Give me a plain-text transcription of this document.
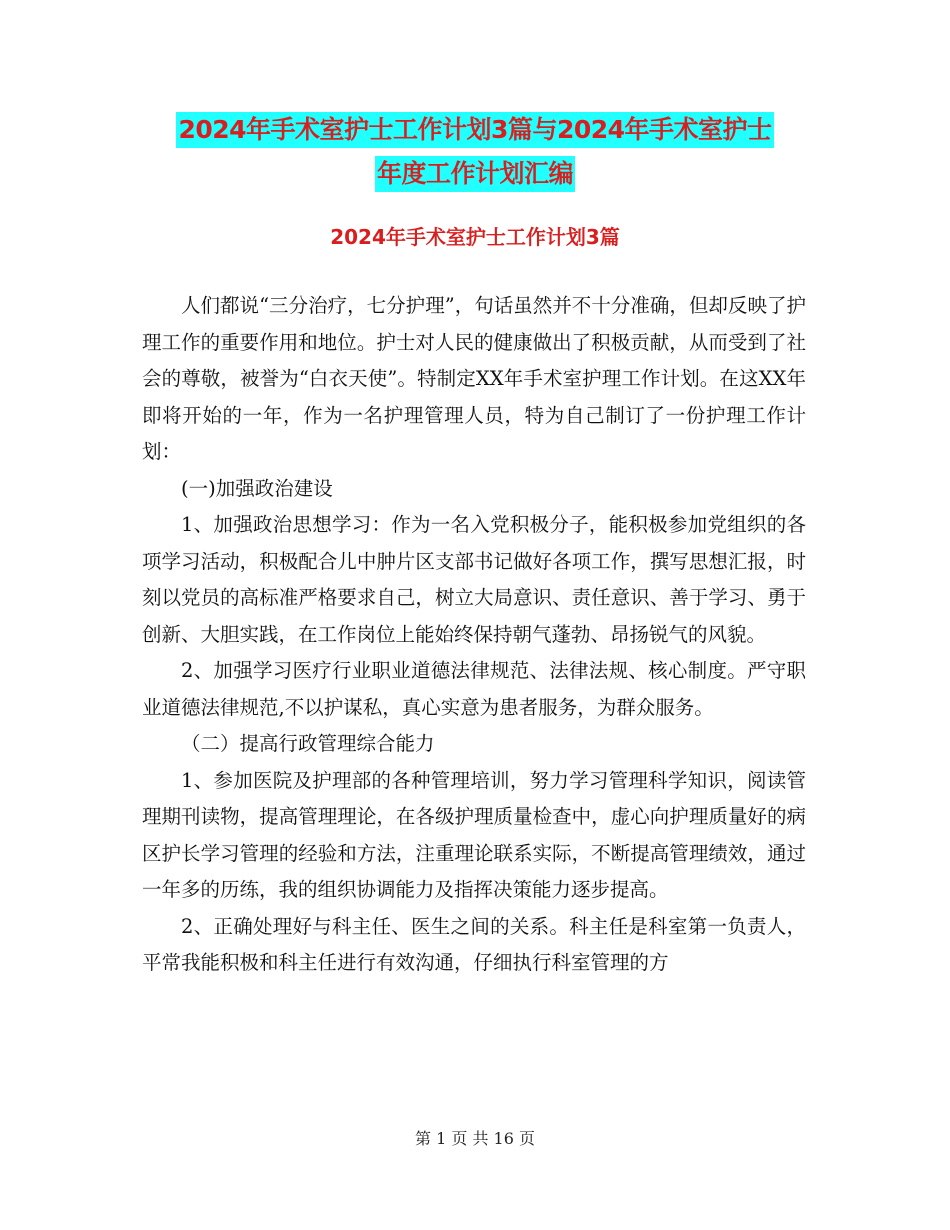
2024年手术室护士工作计划3篇与2024年手术室护士
年度工作计划汇编
2024年手术室护士工作计划3篇

人们都说“三分治疗，七分护理”，句话虽然并不十分准确，但却反映了护理工作的重要作用和地位。护士对人民的健康做出了积极贡献，从而受到了社会的尊敬，被誉为“白衣天使”。特制定XX年手术室护理工作计划。在这XX年即将开始的一年，作为一名护理管理人员，特为自己制订了一份护理工作计划：

(一)加强政治建设

1、加强政治思想学习：作为一名入党积极分子，能积极参加党组织的各项学习活动，积极配合儿中肿片区支部书记做好各项工作，撰写思想汇报，时刻以党员的高标准严格要求自己，树立大局意识、责任意识、善于学习、勇于创新、大胆实践，在工作岗位上能始终保持朝气蓬勃、昂扬锐气的风貌。

2、加强学习医疗行业职业道德法律规范、法律法规、核心制度。严守职业道德法律规范,不以护谋私，真心实意为患者服务，为群众服务。

（二）提高行政管理综合能力

1、参加医院及护理部的各种管理培训，努力学习管理科学知识，阅读管理期刊读物，提高管理理论，在各级护理质量检查中，虚心向护理质量好的病区护长学习管理的经验和方法，注重理论联系实际，不断提高管理绩效，通过一年多的历练，我的组织协调能力及指挥决策能力逐步提高。

2、正确处理好与科主任、医生之间的关系。科主任是科室第一负责人，平常我能积极和科主任进行有效沟通，仔细执行科室管理的方

第 1 页 共 16 页
